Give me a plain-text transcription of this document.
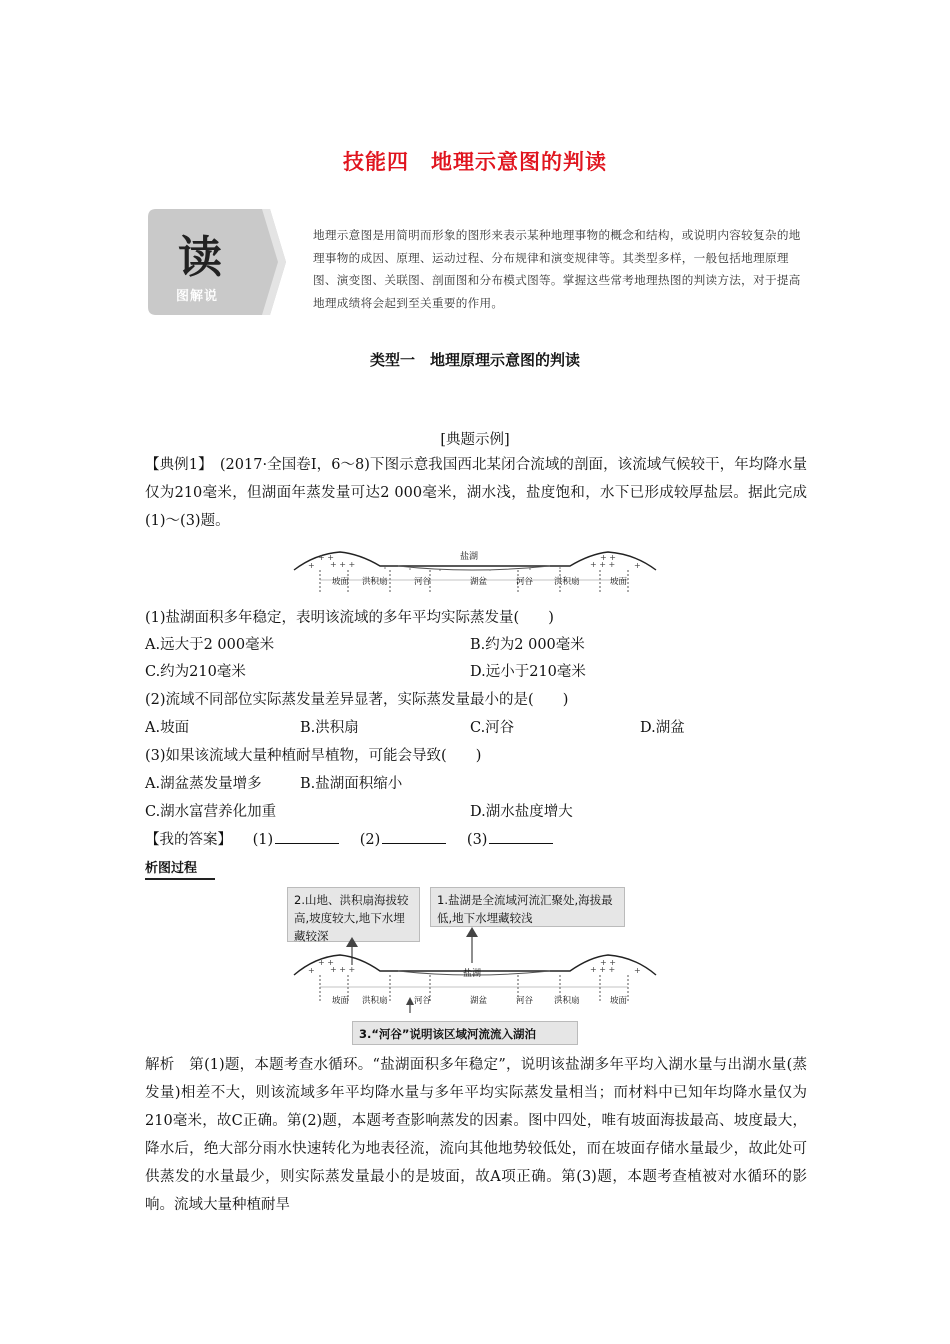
技能四　地理示意图的判读
读
图解说
地理示意图是用简明而形象的图形来表示某种地理事物的概念和结构，或说明内容较复杂的地理事物的成因、原理、运动过程、分布规律和演变规律等。其类型多样，一般包括地理原理图、演变图、关联图、剖面图和分布模式图等。掌握这些常考地理热图的判读方法，对于提高地理成绩将会起到至关重要的作用。
类型一　地理原理示意图的判读
[典题示例]
【典例1】　(2017·全国卷Ⅰ，6～8)下图示意我国西北某闭合流域的剖面，该流域气候较干，年均降水量仅为210毫米，但湖面年蒸发量可达2 000毫米，湖水浅，盐度饱和，水下已形成较厚盐层。据此完成(1)～(3)题。
+ +
+ + +
+
+ +
+ + + +
盐湖
坡面 洪积扇	河谷	湖盆	河谷 洪积扇	坡面
(1)盐湖面积多年稳定，表明该流域的多年平均实际蒸发量(　　)
A.远大于2 000毫米	B.约为2 000毫米
C.约为210毫米	D.远小于210毫米
(2)流域不同部位实际蒸发量差异显著，实际蒸发量最小的是(　　)
A.坡面	B.洪积扇	C.河谷	D.湖盆
(3)如果该流域大量种植耐旱植物，可能会导致(　　)
A.湖盆蒸发量增多	B.盐湖面积缩小
C.湖水富营养化加重	D.湖水盐度增大
【我的答案】 (1)	(2)	(3)
析图过程
2.山地、洪积扇海拔较高,坡度较大,地下水埋藏较深
1.盐湖是全流域河流汇聚处,海拔最低,地下水埋藏较浅
+ +
+ + +
+
+ +
+ + + +
盐湖
坡面 洪积扇	河谷	湖盆	河谷 洪积扇	坡面
3.“河谷”说明该区域河流流入湖泊
解析　第(1)题，本题考查水循环。“盐湖面积多年稳定”，说明该盐湖多年平均入湖水量与出湖水量(蒸发量)相差不大，则该流域多年平均降水量与多年平均实际蒸发量相当；而材料中已知年均降水量仅为210毫米，故C正确。第(2)题，本题考查影响蒸发的因素。图中四处，唯有坡面海拔最高、坡度最大，降水后，绝大部分雨水快速转化为地表径流，流向其他地势较低处，而在坡面存储水量最少，故此处可供蒸发的水量最少，则实际蒸发量最小的是坡面，故A项正确。第(3)题，本题考查植被对水循环的影响。流域大量种植耐旱
